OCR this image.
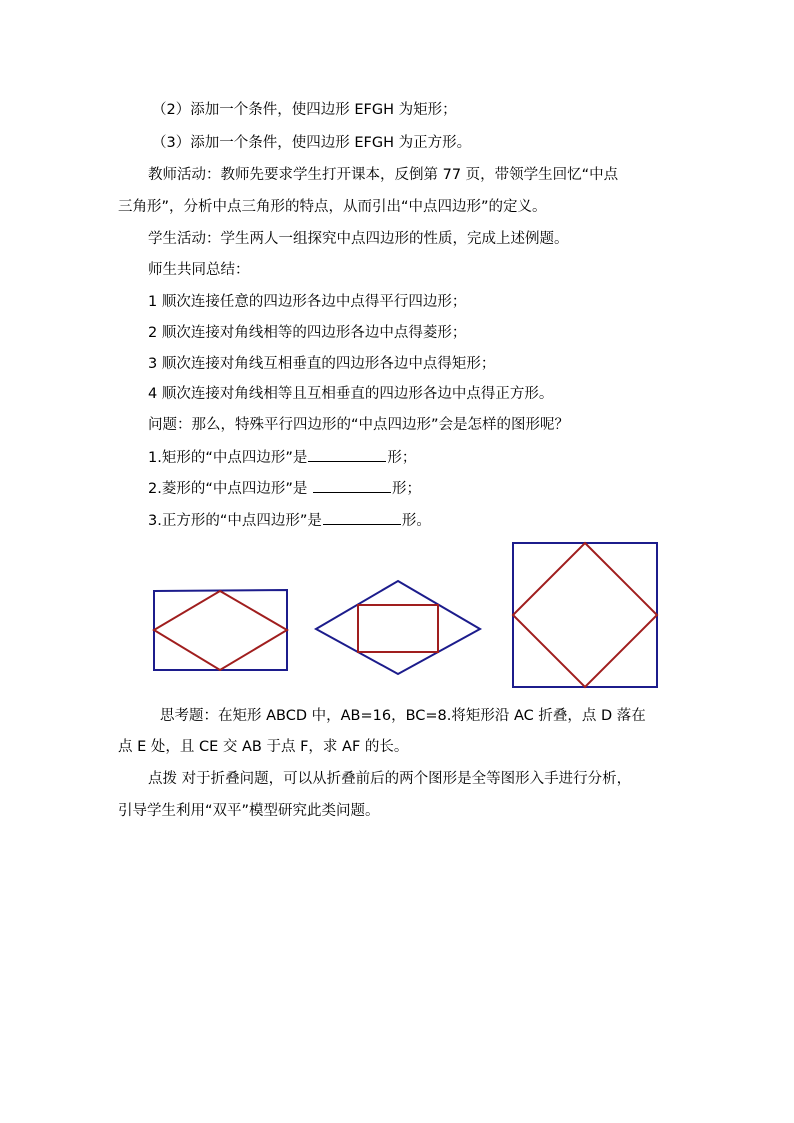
（2）添加一个条件，使四边形 EFGH 为矩形；
（3）添加一个条件，使四边形 EFGH 为正方形。
教师活动：教师先要求学生打开课本，反倒第 77 页，带领学生回忆“中点
三角形”，分析中点三角形的特点，从而引出“中点四边形”的定义。
学生活动：学生两人一组探究中点四边形的性质，完成上述例题。
师生共同总结：
1 顺次连接任意的四边形各边中点得平行四边形；
2 顺次连接对角线相等的四边形各边中点得菱形；
3 顺次连接对角线互相垂直的四边形各边中点得矩形；
4 顺次连接对角线相等且互相垂直的四边形各边中点得正方形。
问题：那么，特殊平行四边形的“中点四边形”会是怎样的图形呢？
1.矩形的“中点四边形”是	形；
2.菱形的“中点四边形”是	形；
3.正方形的“中点四边形”是	形。
思考题：在矩形 ABCD 中，AB=16，BC=8.将矩形沿 AC 折叠，点 D 落在
点 E 处，且 CE 交 AB 于点 F，求 AF 的长。
点拨 对于折叠问题，可以从折叠前后的两个图形是全等图形入手进行分析，
引导学生利用“双平”模型研究此类问题。
